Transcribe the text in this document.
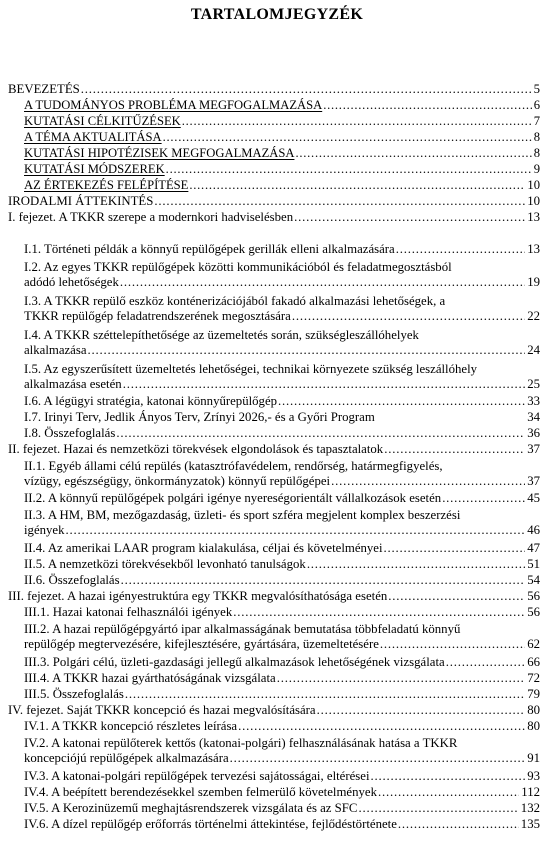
TARTALOMJEGYZÉK
BEVEZETÉS . . .	5
A TUDOMÁNYOS PROBLÉMA MEGFOGALMAZÁSA . . .	6
KUTATÁSI CÉLKITŰZÉSEK . . .	7
A TÉMA AKTUALITÁSA . . .	8
KUTATÁSI HIPOTÉZISEK MEGFOGALMAZÁSA . . .	8
KUTATÁSI MÓDSZEREK . . .	9
AZ ÉRTEKEZÉS FELÉPÍTÉSE . . .	10
IRODALMI ÁTTEKINTÉS . . .	10
I. fejezet. A TKKR szerepe a modernkori hadviselésben . . .	13
I.1. Történeti példák a könnyű repülőgépek gerillák elleni alkalmazására . . .	13
I.2. Az egyes TKKR repülőgépek közötti kommunikációból és feladatmegosztásból
adódó lehetőségek . . .	19
I.3. A TKKR repülő eszköz konténerizációjából fakadó alkalmazási lehetőségek, a
TKKR repülőgép feladatrendszerének megosztására . . .	22
I.4. A TKKR széttelepíthetősége az üzemeltetés során, szükségleszállóhelyek
alkalmazása . . .	24
I.5. Az egyszerűsített üzemeltetés lehetőségei, technikai környezete szükség leszállóhely
alkalmazása esetén . . .	25
I.6. A légügyi stratégia, katonai könnyűrepülőgép . . .	33
I.7. Irinyi Terv, Jedlik Ányos Terv, Zrínyi 2026,- és a Győri Program	34
I.8. Összefoglalás . . .	36
II. fejezet. Hazai és nemzetközi törekvések elgondolások és tapasztalatok . . .	37
II.1. Egyéb állami célú repülés (katasztrófavédelem, rendőrség, határmegfigyelés,
vízügy, egészségügy, önkormányzatok) könnyű repülőgépei . . .	37
II.2. A könnyű repülőgépek polgári igénye nyereségorientált vállalkozások esetén . . .	45
II.3. A HM, BM, mezőgazdaság, üzleti- és sport szféra megjelent komplex beszerzési
igények . . .	46
II.4. Az amerikai LAAR program kialakulása, céljai és követelményei . . .	47
II.5. A nemzetközi törekvésekből levonható tanulságok . . .	51
II.6. Összefoglalás . . .	54
III. fejezet. A hazai igényestruktúra egy TKKR megvalósíthatósága esetén . . .	56
III.1. Hazai katonai felhasználói igények . . .	56
III.2. A hazai repülőgépgyártó ipar alkalmasságának bemutatása többfeladatú könnyű
repülőgép megtervezésére, kifejlesztésére, gyártására, üzemeltetésére . . .	62
III.3. Polgári célú, üzleti-gazdasági jellegű alkalmazások lehetőségének vizsgálata . . .	66
III.4. A TKKR hazai gyárthatóságának vizsgálata . . .	72
III.5. Összefoglalás . . .	79
IV. fejezet. Saját TKKR koncepció és hazai megvalósítására . . .	80
IV.1. A TKKR koncepció részletes leírása . . .	80
IV.2. A katonai repülőterek kettős (katonai-polgári) felhasználásának hatása a TKKR
koncepciójú repülőgépek alkalmazására . . .	91
IV.3. A katonai-polgári repülőgépek tervezési sajátosságai, eltérései . . .	93
IV.4. A beépített berendezésekkel szemben felmerülő követelmények . . .	112
IV.5. A Kerozinüzemű meghajtásrendszerek vizsgálata és az SFC . . .	132
IV.6. A dízel repülőgép erőforrás történelmi áttekintése, fejlődéstörténete . . .	135
